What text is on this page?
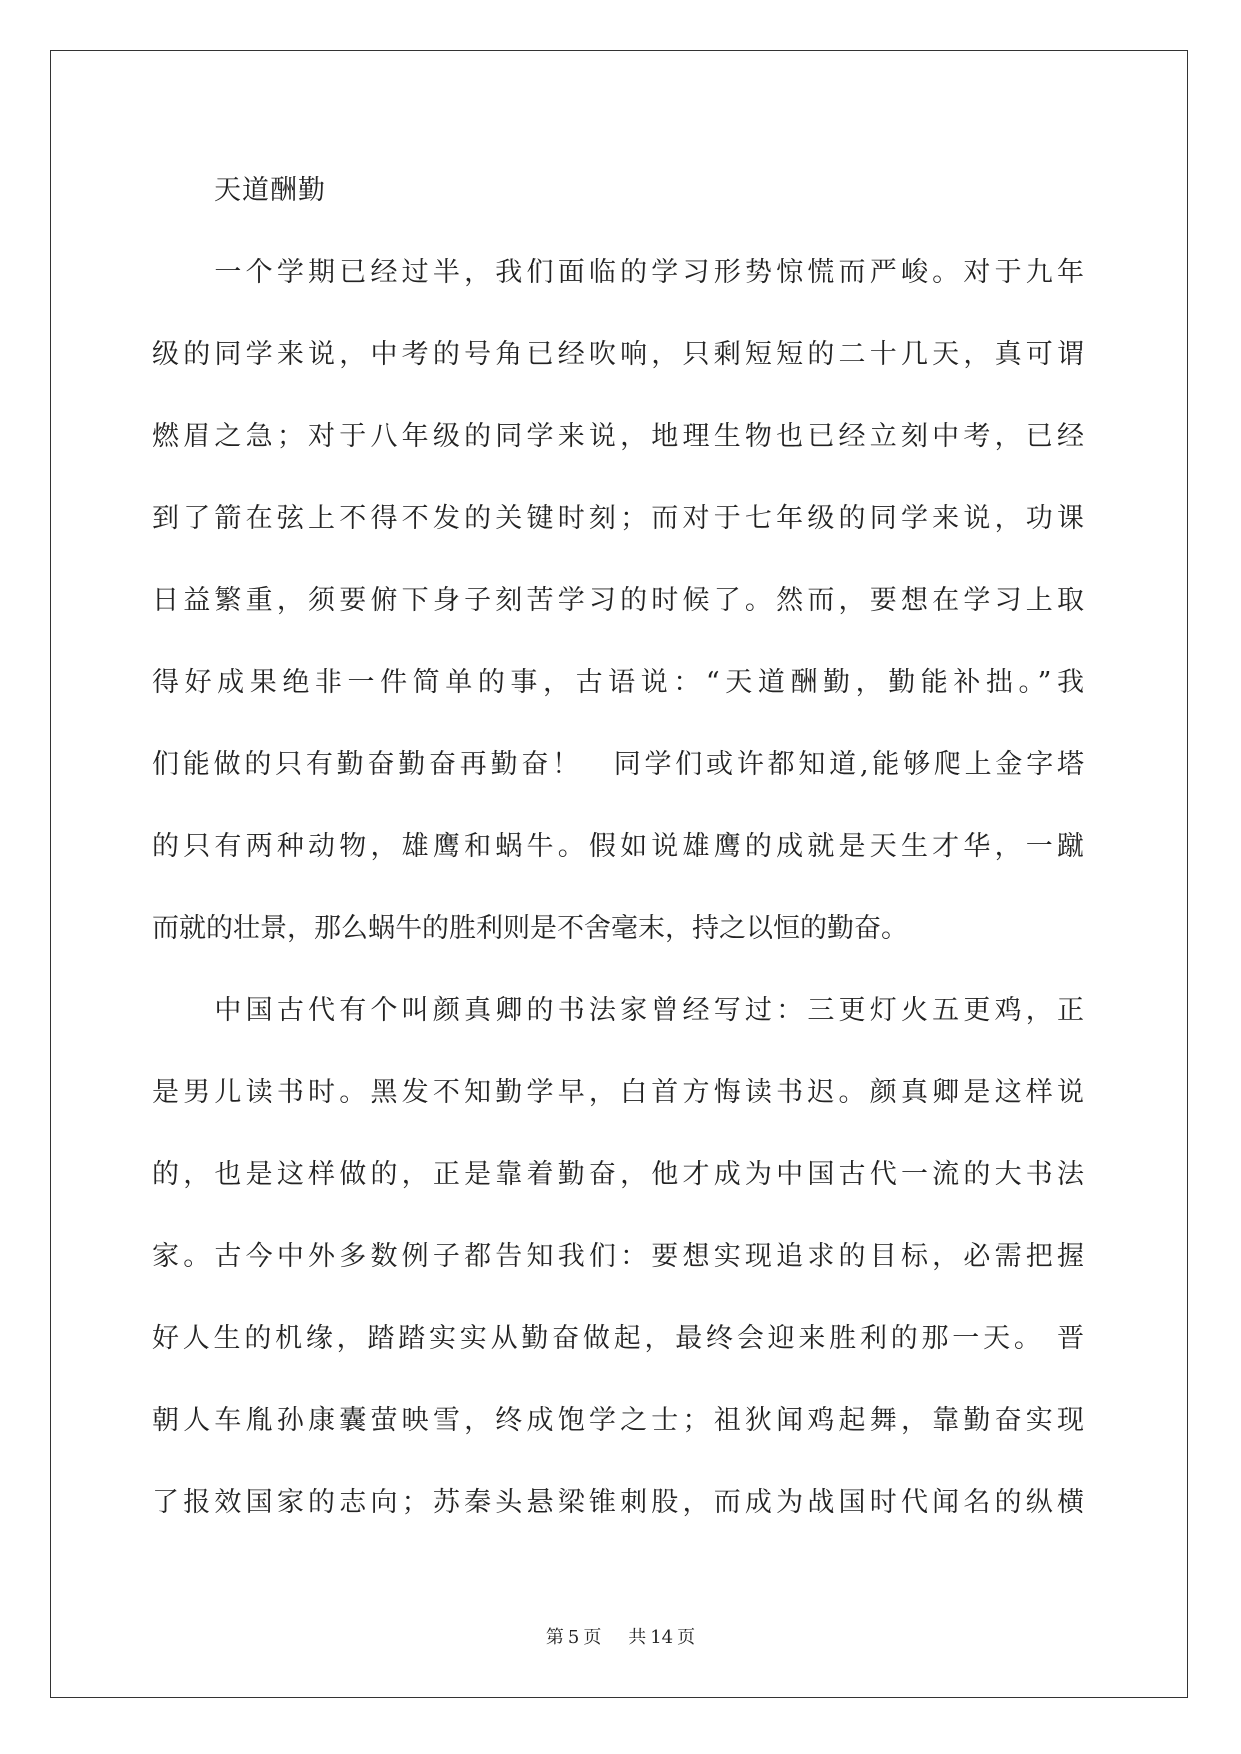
天道酬勤
　　一个学期已经过半，我们面临的学习形势惊慌而严峻。对于九年
级的同学来说，中考的号角已经吹响，只剩短短的二十几天，真可谓
燃眉之急；对于八年级的同学来说，地理生物也已经立刻中考，已经
到了箭在弦上不得不发的关键时刻；而对于七年级的同学来说，功课
日益繁重，须要俯下身子刻苦学习的时候了。然而，要想在学习上取
得好成果绝非一件简单的事，古语说：“天道酬勤，勤能补拙。”我
们能做的只有勤奋勤奋再勤奋！　同学们或许都知道,能够爬上金字塔
的只有两种动物，雄鹰和蜗牛。假如说雄鹰的成就是天生才华，一蹴
而就的壮景，那么蜗牛的胜利则是不舍毫末，持之以恒的勤奋。
　　中国古代有个叫颜真卿的书法家曾经写过：三更灯火五更鸡，正
是男儿读书时。黑发不知勤学早，白首方悔读书迟。颜真卿是这样说
的，也是这样做的，正是靠着勤奋，他才成为中国古代一流的大书法
家。古今中外多数例子都告知我们：要想实现追求的目标，必需把握
好人生的机缘，踏踏实实从勤奋做起，最终会迎来胜利的那一天。 晋
朝人车胤孙康囊萤映雪，终成饱学之士；祖狄闻鸡起舞，靠勤奋实现
了报效国家的志向；苏秦头悬梁锥刺股，而成为战国时代闻名的纵横
第 5 页 共 14 页
